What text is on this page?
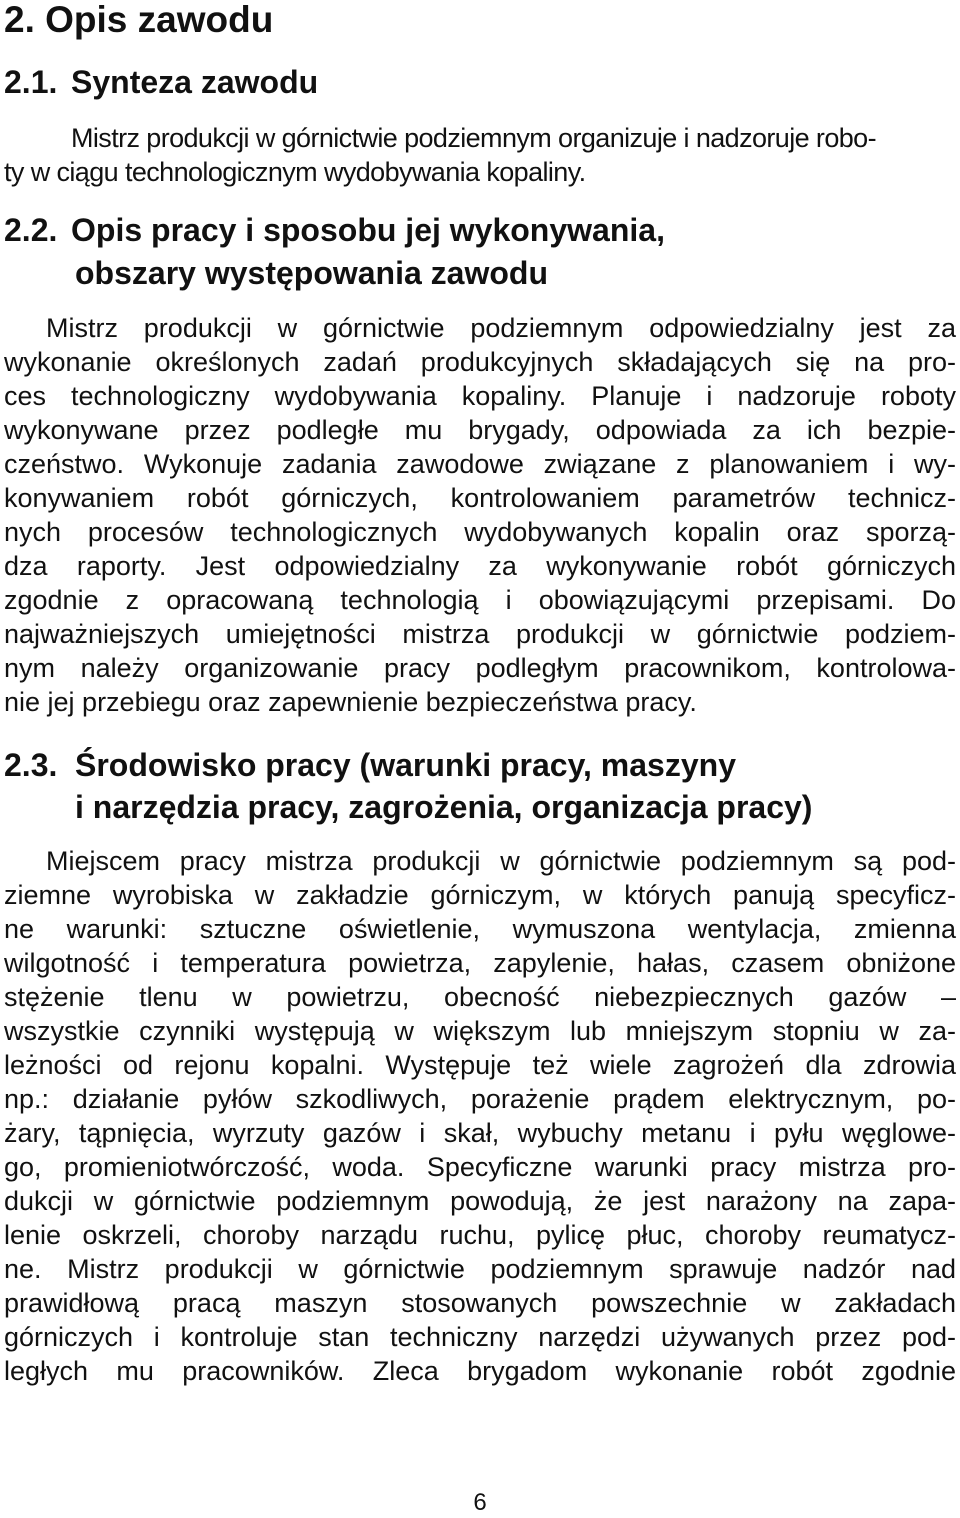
2. Opis zawodu
2.1. Synteza zawodu
Mistrz produkcji w górnictwie podziemnym organizuje i nadzoruje robo-
ty w ciągu technologicznym wydobywania kopaliny.
2.2. Opis pracy i sposobu jej wykonywania,
obszary występowania zawodu
Mistrz produkcji w górnictwie podziemnym odpowiedzialny jest za
wykonanie określonych zadań produkcyjnych składających się na pro-
ces technologiczny wydobywania kopaliny. Planuje i nadzoruje roboty
wykonywane przez podległe mu brygady, odpowiada za ich bezpie-
czeństwo. Wykonuje zadania zawodowe związane z planowaniem i wy-
konywaniem robót górniczych, kontrolowaniem parametrów technicz-
nych procesów technologicznych wydobywanych kopalin oraz sporzą-
dza raporty. Jest odpowiedzialny za wykonywanie robót górniczych
zgodnie z opracowaną technologią i obowiązującymi przepisami. Do
najważniejszych umiejętności mistrza produkcji w górnictwie podziem-
nym należy organizowanie pracy podległym pracownikom, kontrolowa-
nie jej przebiegu oraz zapewnienie bezpieczeństwa pracy.
2.3. Środowisko pracy (warunki pracy, maszyny
i narzędzia pracy, zagrożenia, organizacja pracy)
Miejscem pracy mistrza produkcji w górnictwie podziemnym są pod-
ziemne wyrobiska w zakładzie górniczym, w których panują specyficz-
ne warunki: sztuczne oświetlenie, wymuszona wentylacja, zmienna
wilgotność i temperatura powietrza, zapylenie, hałas, czasem obniżone
stężenie tlenu w powietrzu, obecność niebezpiecznych gazów –
wszystkie czynniki występują w większym lub mniejszym stopniu w za-
leżności od rejonu kopalni. Występuje też wiele zagrożeń dla zdrowia
np.: działanie pyłów szkodliwych, porażenie prądem elektrycznym, po-
żary, tąpnięcia, wyrzuty gazów i skał, wybuchy metanu i pyłu węglowe-
go, promieniotwórczość, woda. Specyficzne warunki pracy mistrza pro-
dukcji w górnictwie podziemnym powodują, że jest narażony na zapa-
lenie oskrzeli, choroby narządu ruchu, pylicę płuc, choroby reumatycz-
ne. Mistrz produkcji w górnictwie podziemnym sprawuje nadzór nad
prawidłową pracą maszyn stosowanych powszechnie w zakładach
górniczych i kontroluje stan techniczny narzędzi używanych przez pod-
ległych mu pracowników. Zleca brygadom wykonanie robót zgodnie
6
